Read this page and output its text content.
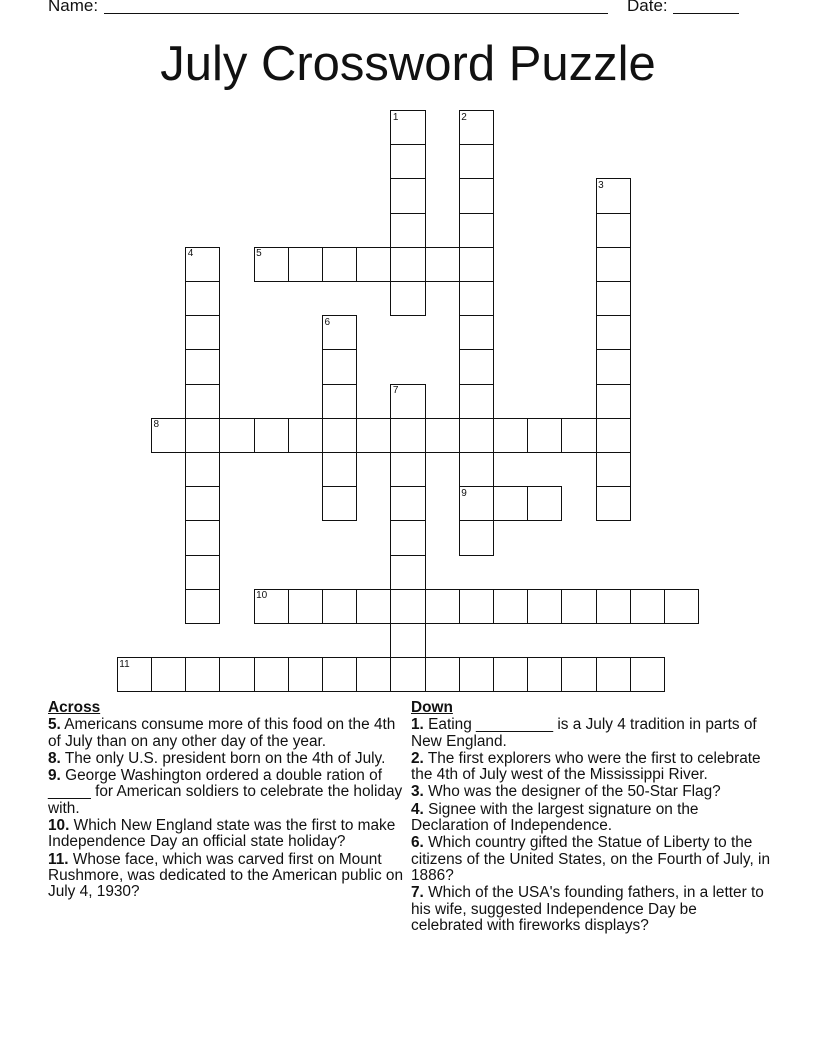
Name:	Date:
July Crossword Puzzle
1	2
3
4	5
6
7
8
9
10
11
Across
5. Americans consume more of this food on the 4th of July than on any other day of the year.
8. The only U.S. president born on the 4th of July.
9. George Washington ordered a double ration of _____ for American soldiers to celebrate the holiday with.
10. Which New England state was the first to make Independence Day an official state holiday?
11. Whose face, which was carved first on Mount Rushmore, was dedicated to the American public on July 4, 1930?
Down
1. Eating _________ is a July 4 tradition in parts of New England.
2. The first explorers who were the first to celebrate the 4th of July west of the Mississippi River.
3. Who was the designer of the 50-Star Flag?
4. Signee with the largest signature on the Declaration of Independence.
6. Which country gifted the Statue of Liberty to the citizens of the United States, on the Fourth of July, in 1886?
7. Which of the USA's founding fathers, in a letter to his wife, suggested Independence Day be celebrated with fireworks displays?
